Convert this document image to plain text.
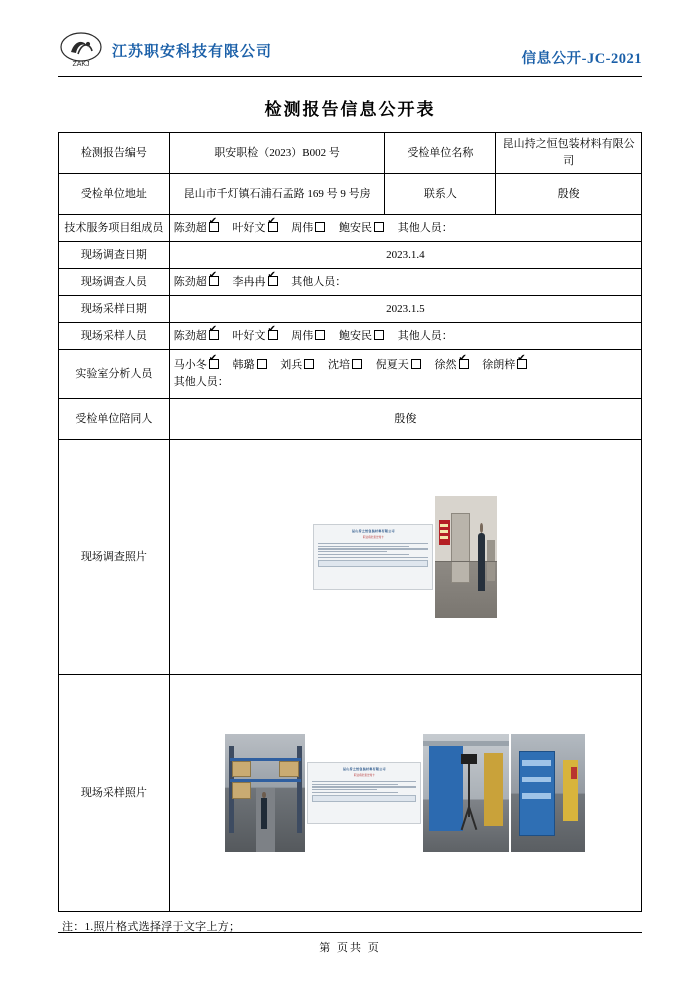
ZAKJ
江苏职安科技有限公司	信息公开-JC-2021
检测报告信息公开表
检测报告编号	职安职检（2023）B002 号	受检单位名称	昆山持之恒包装材料有限公司
受检单位地址	昆山市千灯镇石浦石孟路 169 号 9 号房	联系人	殷俊
技术服务项目组成员	陈劲超 ✔ 叶好文 ✔ 周伟 鲍安民 其他人员：
现场调查日期	2023.1.4		
现场调查人员	陈劲超 ✔ 李冉冉 ✔ 其他人员：
现场采样日期	2023.1.5		
现场采样人员	陈劲超 ✔ 叶好文 ✔ 周伟 鲍安民 其他人员：
实验室分析人员	马小冬 ✔ 韩璐 刘兵 沈培 倪夏天 徐然 ✔ 徐朗梓✔
其他人员：

受检单位陪同人	殷俊		
现场调查照片	昆山持之恒包装材料有限公司
职业病危害告知卡		

现场采样照片	昆山持之恒包装材料有限公司
职业病危害告知卡		
注：1.照片格式选择浮于文字上方；
第 页共 页
